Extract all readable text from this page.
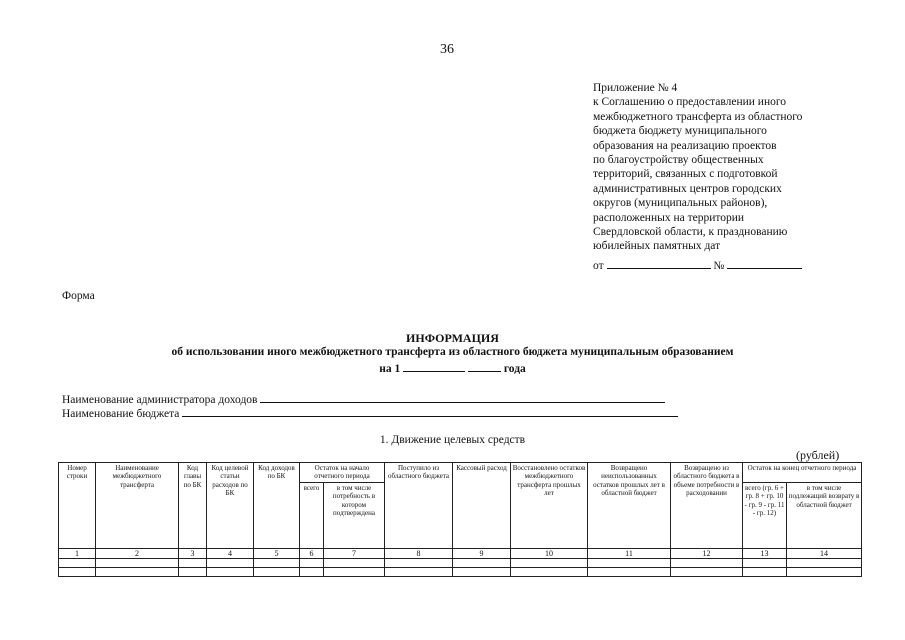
36
Приложение № 4
к Соглашению о предоставлении иного
межбюджетного трансферта из областного
бюджета бюджету муниципального
образования на реализацию проектов
по благоустройству общественных
территорий, связанных с подготовкой
административных центров городских
округов (муниципальных районов),
расположенных на территории
Свердловской области, к празднованию
юбилейных памятных дат
от	№
Форма
ИНФОРМАЦИЯ
об использовании иного межбюджетного трансферта из областного бюджета муниципальным образованием
на 1	года
Наименование администратора доходов
Наименование бюджета
1. Движение целевых средств
(рублей)
Номер строки	Наименование межбюджетного трансферта	Код главы по БК	Код целевой статьи расходов по БК	Код доходов по БК	Остаток на начало отчетного периода		Поступило из областного бюджета	Кассовый расход	Восстановлено остатков межбюджетного трансферта прошлых лет	Возвращено неиспользованных остатков прошлых лет в областной бюджет	Возвращено из областного бюджета в объеме потребности в расходовании	Остаток на конец отчетного периода	
					всего	в том числе потребность в котором подтверждена						всего (гр. 6 + гр. 8 + гр. 10 - гр. 9 - гр. 11 - гр. 12)	в том числе подлежащий возврату в областной бюджет
1	2	3	4	5	6	7	8	9	10	11	12	13	14
